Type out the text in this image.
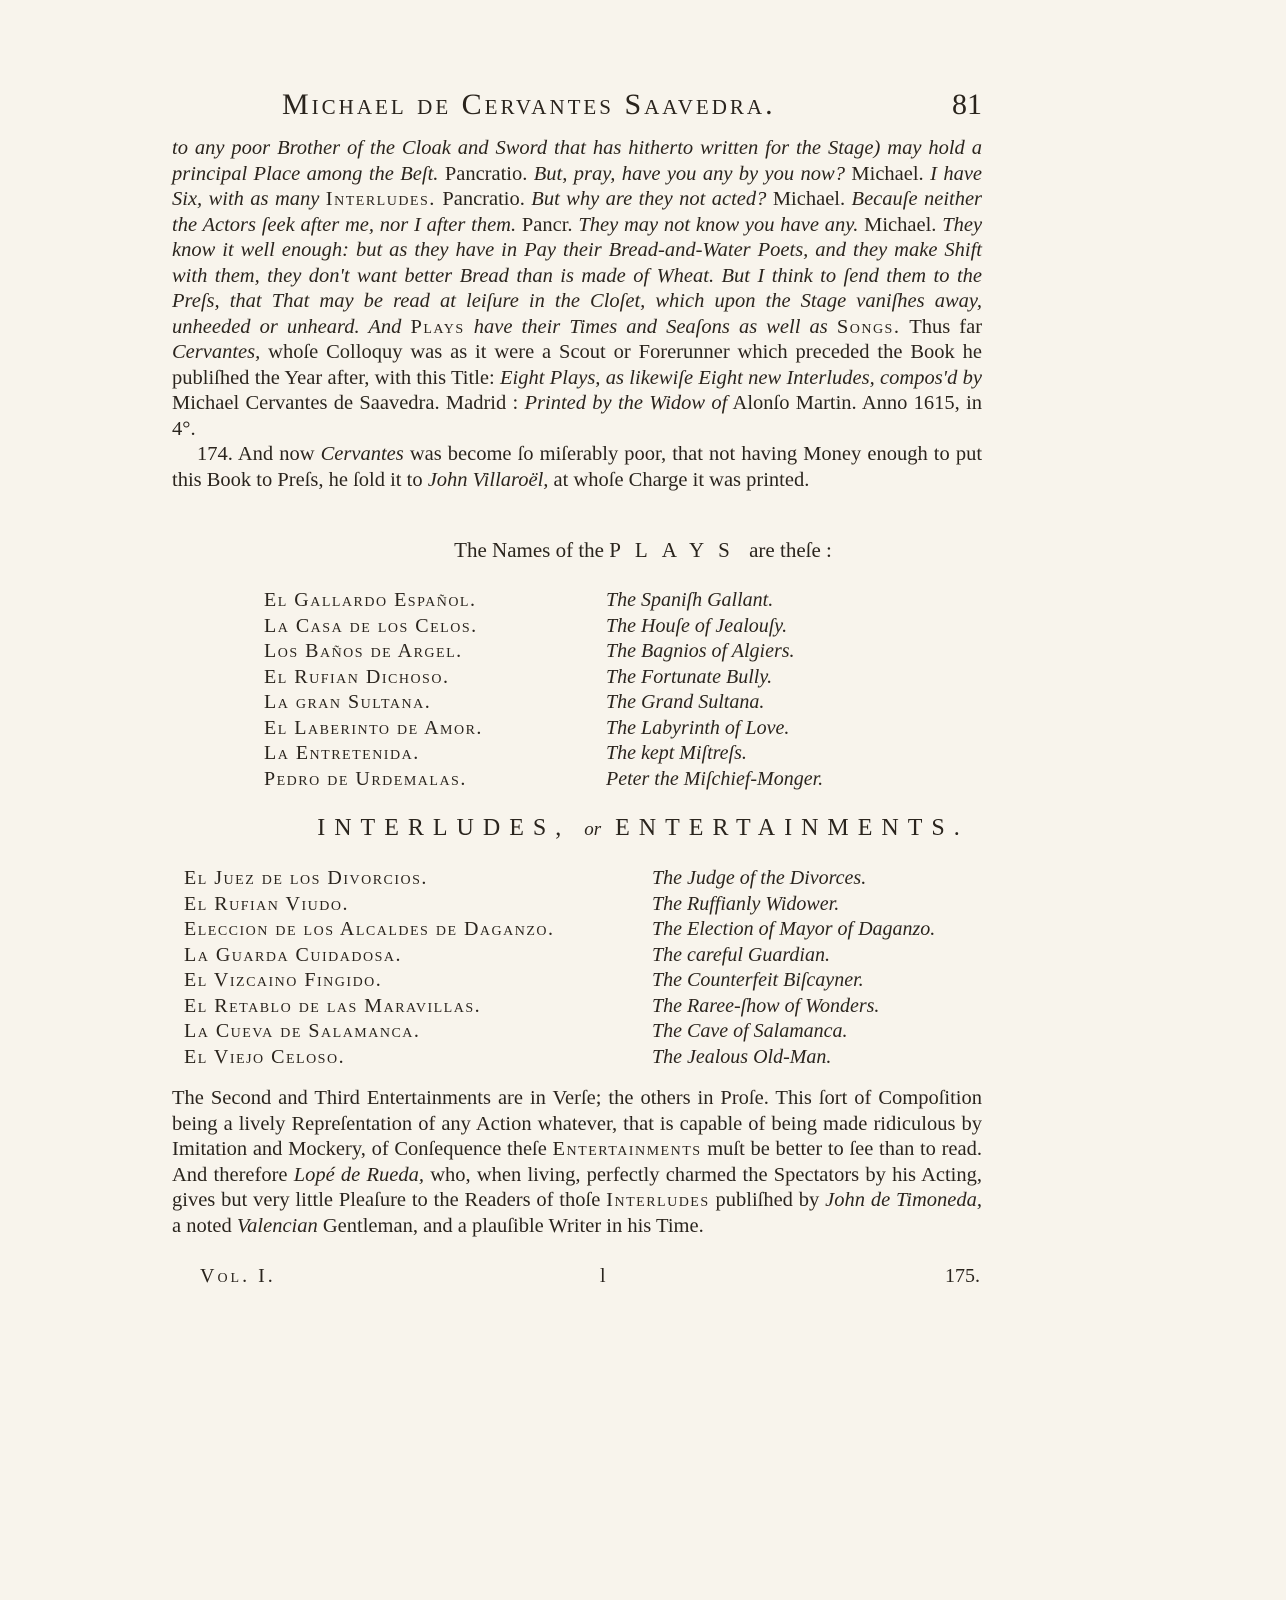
Michael de Cervantes Saavedra.	81

to any poor Brother of the Cloak and Sword that has hitherto written for the Stage) may hold a principal Place among the Beſt. Pancratio. But, pray, have you any by you now? Michael. I have Six, with as many Interludes. Pancratio. But why are they not acted? Michael. Becauſe neither the Actors ſeek after me, nor I after them. Pancr. They may not know you have any. Michael. They know it well enough: but as they have in Pay their Bread-and-Water Poets, and they make Shift with them, they don't want better Bread than is made of Wheat. But I think to ſend them to the Preſs, that That may be read at leiſure in the Cloſet, which upon the Stage vaniſhes away, unheeded or unheard. And Plays have their Times and Seaſons as well as Songs. Thus far Cervantes, whoſe Colloquy was as it were a Scout or Forerunner which preceded the Book he publiſhed the Year after, with this Title: Eight Plays, as likewiſe Eight new Interludes, compos'd by Michael Cervantes de Saavedra. Madrid : Printed by the Widow of Alonſo Martin. Anno 1615, in 4°.

174. And now Cervantes was become ſo miſerably poor, that not having Money enough to put this Book to Preſs, he ſold it to John Villaroël, at whoſe Charge it was printed.

The Names of the PLAYS are theſe :
El Gallardo Español.	The Spaniſh Gallant.
La Casa de los Celos.	The Houſe of Jealouſy.
Los Baños de Argel.	The Bagnios of Algiers.
El Rufian Dichoso.	The Fortunate Bully.
La gran Sultana.	The Grand Sultana.
El Laberinto de Amor.	The Labyrinth of Love.
La Entretenida.	The kept Miſtreſs.
Pedro de Urdemalas.	Peter the Miſchief-Monger.
INTERLUDES, or ENTERTAINMENTS.
El Juez de los Divorcios.	The Judge of the Divorces.
El Rufian Viudo.	The Ruffianly Widower.
Eleccion de los Alcaldes de Daganzo.	The Election of Mayor of Daganzo.
La Guarda Cuidadosa.	The careful Guardian.
El Vizcaino Fingido.	The Counterfeit Biſcayner.
El Retablo de las Maravillas.	The Raree-ſhow of Wonders.
La Cueva de Salamanca.	The Cave of Salamanca.
El Viejo Celoso.	The Jealous Old-Man.

The Second and Third Entertainments are in Verſe; the others in Proſe. This ſort of Compoſition being a lively Repreſentation of any Action whatever, that is capable of being made ridiculous by Imitation and Mockery, of Conſequence theſe Entertainments muſt be better to ſee than to read. And therefore Lopé de Rueda, who, when living, perfectly charmed the Spectators by his Acting, gives but very little Pleaſure to the Readers of thoſe Interludes publiſhed by John de Timoneda, a noted Valencian Gentleman, and a plauſible Writer in his Time.

Vol. I.	l	175.
